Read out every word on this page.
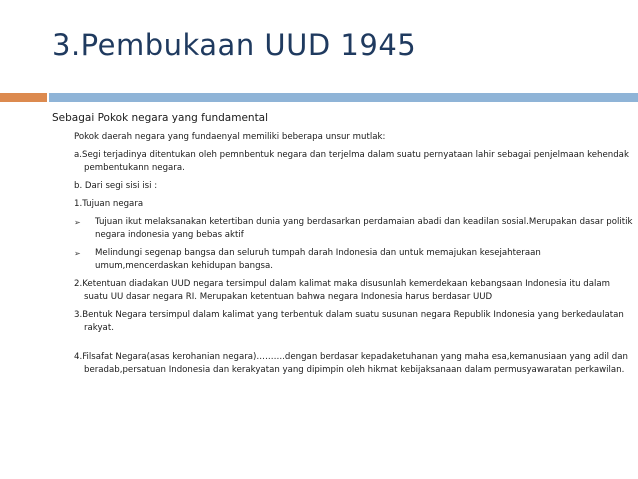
3.Pembukaan UUD 1945
Sebagai Pokok negara yang fundamental
Pokok daerah negara yang fundaenyal memiliki beberapa unsur mutlak:
a.Segi terjadinya ditentukan oleh pemnbentuk negara dan terjelma dalam suatu pernyataan lahir sebagai penjelmaan kehendak pembentukann negara.
b. Dari segi sisi isi :
1.Tujuan negara
➢ Tujuan ikut melaksanakan ketertiban dunia yang berdasarkan perdamaian abadi dan keadilan sosial.Merupakan dasar politik negara indonesia yang bebas aktif
➢ Melindungi segenap bangsa dan seluruh tumpah darah Indonesia dan untuk memajukan kesejahteraan umum,mencerdaskan kehidupan bangsa.
2.Ketentuan diadakan UUD negara tersimpul dalam kalimat maka disusunlah kemerdekaan kebangsaan Indonesia itu dalam suatu UU dasar negara RI. Merupakan ketentuan bahwa negara Indonesia harus berdasar UUD
3.Bentuk Negara tersimpul dalam kalimat yang terbentuk dalam suatu susunan negara Republik Indonesia yang berkedaulatan rakyat.
4.Filsafat Negara(asas kerohanian negara)……….dengan berdasar kepadaketuhanan yang maha esa,kemanusiaan yang adil dan beradab,persatuan Indonesia dan kerakyatan yang dipimpin oleh hikmat kebijaksanaan dalam permusyawaratan perkawilan.
